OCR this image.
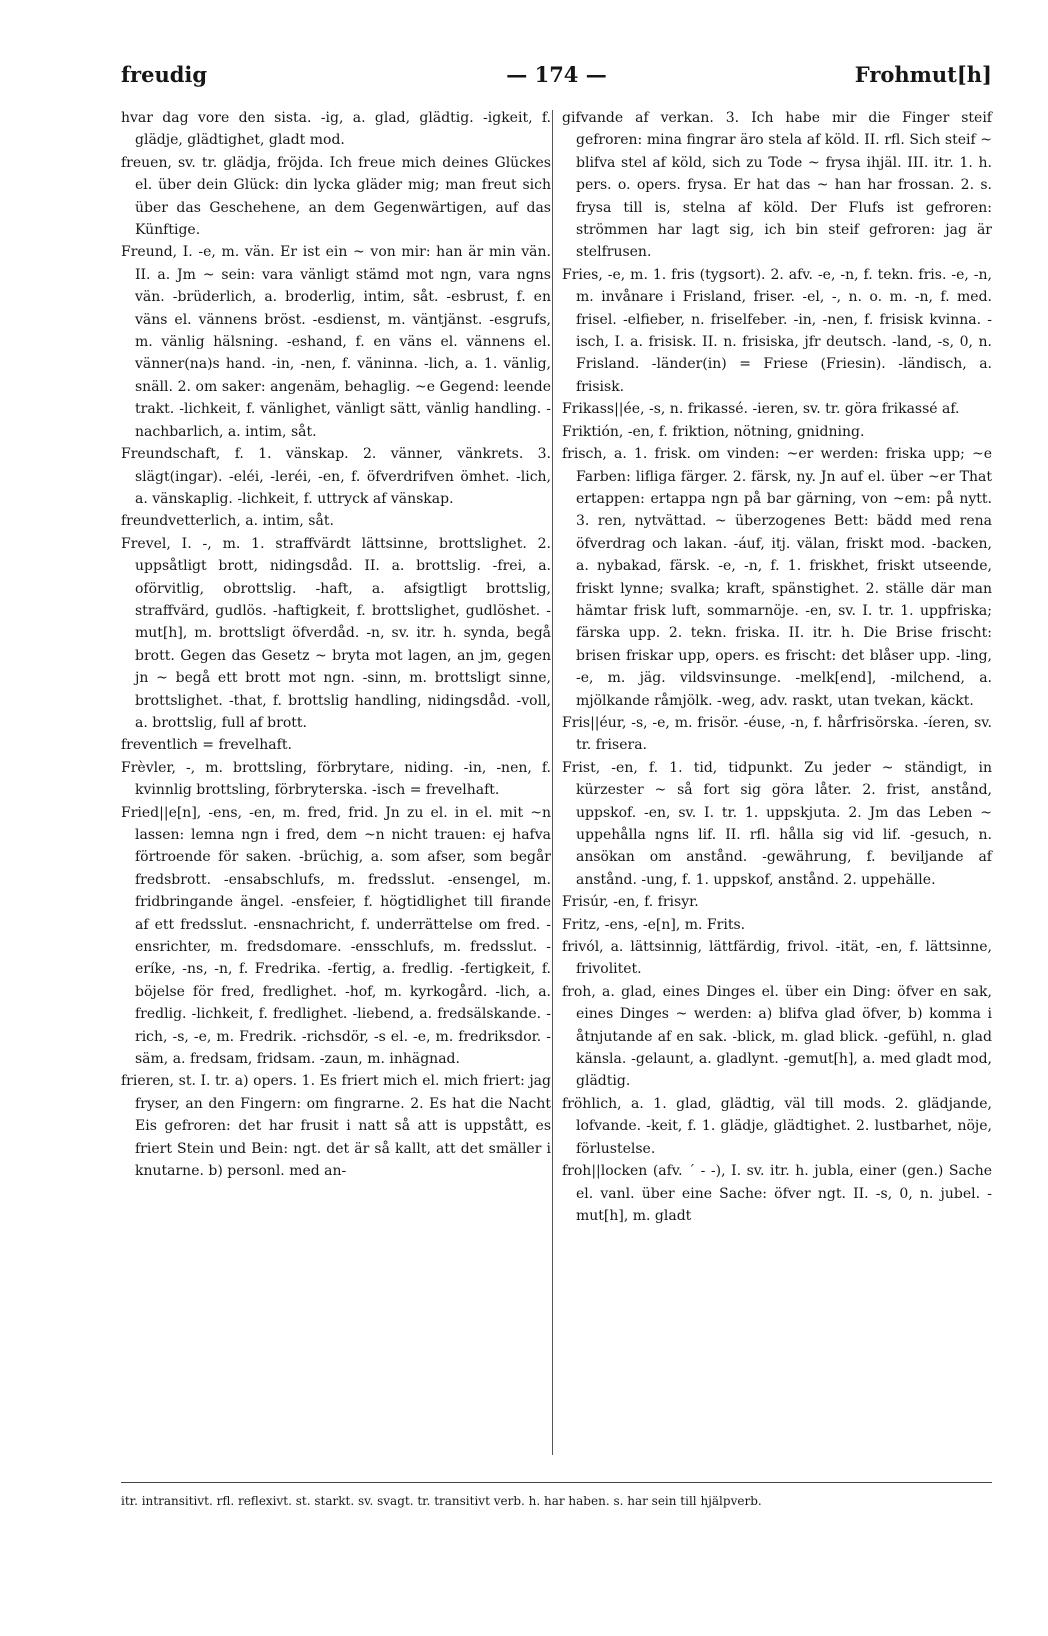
freudig	— 174 —	Frohmut[h]

hvar dag vore den sista. -ig, a. glad, glädtig. -igkeit, f. glädje, glädtighet, gladt mod.

freuen, sv. tr. glädja, fröjda. Ich freue mich deines Glückes el. über dein Glück: din lycka gläder mig; man freut sich über das Geschehene, an dem Gegenwärtigen, auf das Künftige.

Freund, I. -e, m. vän. Er ist ein ~ von mir: han är min vän. II. a. Jm ~ sein: vara vänligt stämd mot ngn, vara ngns vän. -brüderlich, a. broderlig, intim, såt. -esbrust, f. en väns el. vännens bröst. -esdienst, m. väntjänst. -esgrufs, m. vänlig hälsning. -eshand, f. en väns el. vännens el. vänner(na)s hand. -in, -nen, f. väninna. -lich, a. 1. vänlig, snäll. 2. om saker: angenäm, behaglig. ~e Gegend: leende trakt. -lichkeit, f. vänlighet, vänligt sätt, vänlig handling. -nachbarlich, a. intim, såt.

Freundschaft, f. 1. vänskap. 2. vänner, vänkrets. 3. slägt(ingar). -eléi, -leréi, -en, f. öfverdrifven ömhet. -lich, a. vänskaplig. -lichkeit, f. uttryck af vänskap.

freundvetterlich, a. intim, såt.

Frevel, I. -, m. 1. straffvärdt lättsinne, brottslighet. 2. uppsåtligt brott, nidingsdåd. II. a. brottslig. -frei, a. oförvitlig, obrottslig. -haft, a. afsigtligt brottslig, straffvärd, gudlös. -haftigkeit, f. brottslighet, gudlöshet. -mut[h], m. brottsligt öfverdåd. -n, sv. itr. h. synda, begå brott. Gegen das Gesetz ~ bryta mot lagen, an jm, gegen jn ~ begå ett brott mot ngn. -sinn, m. brottsligt sinne, brottslighet. -that, f. brottslig handling, nidingsdåd. -voll, a. brottslig, full af brott.

freventlich = frevelhaft.

Frèvler, -, m. brottsling, förbrytare, niding. -in, -nen, f. kvinnlig brottsling, förbryterska. -isch = frevelhaft.

Fried||e[n], -ens, -en, m. fred, frid. Jn zu el. in el. mit ~n lassen: lemna ngn i fred, dem ~n nicht trauen: ej hafva förtroende för saken. -brüchig, a. som afser, som begår fredsbrott. -ensabschlufs, m. fredsslut. -ensengel, m. fridbringande ängel. -ensfeier, f. högtidlighet till firande af ett fredsslut. -ensnachricht, f. underrättelse om fred. -ensrichter, m. fredsdomare. -ensschlufs, m. fredsslut. -eríke, -ns, -n, f. Fredrika. -fertig, a. fredlig. -fertigkeit, f. böjelse för fred, fredlighet. -hof, m. kyrkogård. -lich, a. fredlig. -lichkeit, f. fredlighet. -liebend, a. fredsälskande. -rich, -s, -e, m. Fredrik. -richsdör, -s el. -e, m. fredriksdor. -säm, a. fredsam, fridsam. -zaun, m. inhägnad.

frieren, st. I. tr. a) opers. 1. Es friert mich el. mich friert: jag fryser, an den Fingern: om fingrarne. 2. Es hat die Nacht Eis gefroren: det har frusit i natt så att is uppstått, es friert Stein und Bein: ngt. det är så kallt, att det smäller i knutarne. b) personl. med an-

gifvande af verkan. 3. Ich habe mir die Finger steif gefroren: mina fingrar äro stela af köld. II. rfl. Sich steif ~ blifva stel af köld, sich zu Tode ~ frysa ihjäl. III. itr. 1. h. pers. o. opers. frysa. Er hat das ~ han har frossan. 2. s. frysa till is, stelna af köld. Der Flufs ist gefroren: strömmen har lagt sig, ich bin steif gefroren: jag är stelfrusen.

Fries, -e, m. 1. fris (tygsort). 2. afv. -e, -n, f. tekn. fris. -e, -n, m. invånare i Frisland, friser. -el, -, n. o. m. -n, f. med. frisel. -elfieber, n. friselfeber. -in, -nen, f. frisisk kvinna. -isch, I. a. frisisk. II. n. frisiska, jfr deutsch. -land, -s, 0, n. Frisland. -länder(in) = Friese (Friesin). -ländisch, a. frisisk.

Frikass||ée, -s, n. frikassé. -ieren, sv. tr. göra frikassé af.

Friktión, -en, f. friktion, nötning, gnidning.

frisch, a. 1. frisk. om vinden: ~er werden: friska upp; ~e Farben: lifliga färger. 2. färsk, ny. Jn auf el. über ~er That ertappen: ertappa ngn på bar gärning, von ~em: på nytt. 3. ren, nytvättad. ~ überzogenes Bett: bädd med rena öfverdrag och lakan. -áuf, itj. välan, friskt mod. -backen, a. nybakad, färsk. -e, -n, f. 1. friskhet, friskt utseende, friskt lynne; svalka; kraft, spänstighet. 2. ställe där man hämtar frisk luft, sommarnöje. -en, sv. I. tr. 1. uppfriska; färska upp. 2. tekn. friska. II. itr. h. Die Brise frischt: brisen friskar upp, opers. es frischt: det blåser upp. -ling, -e, m. jäg. vildsvinsunge. -melk[end], -milchend, a. mjölkande råmjölk. -weg, adv. raskt, utan tvekan, käckt.

Fris||éur, -s, -e, m. frisör. -éuse, -n, f. hårfrisörska. -íeren, sv. tr. frisera.

Frist, -en, f. 1. tid, tidpunkt. Zu jeder ~ ständigt, in kürzester ~ så fort sig göra låter. 2. frist, anstånd, uppskof. -en, sv. I. tr. 1. uppskjuta. 2. Jm das Leben ~ uppehålla ngns lif. II. rfl. hålla sig vid lif. -gesuch, n. ansökan om anstånd. -gewährung, f. beviljande af anstånd. -ung, f. 1. uppskof, anstånd. 2. uppehälle.

Frisúr, -en, f. frisyr.

Fritz, -ens, -e[n], m. Frits.

frivól, a. lättsinnig, lättfärdig, frivol. -ität, -en, f. lättsinne, frivolitet.

froh, a. glad, eines Dinges el. über ein Ding: öfver en sak, eines Dinges ~ werden: a) blifva glad öfver, b) komma i åtnjutande af en sak. -blick, m. glad blick. -gefühl, n. glad känsla. -gelaunt, a. gladlynt. -gemut[h], a. med gladt mod, glädtig.

fröhlich, a. 1. glad, glädtig, väl till mods. 2. glädjande, lofvande. -keit, f. 1. glädje, glädtighet. 2. lustbarhet, nöje, förlustelse.

froh||locken (afv. ´ - -), I. sv. itr. h. jubla, einer (gen.) Sache el. vanl. über eine Sache: öfver ngt. II. -s, 0, n. jubel. -mut[h], m. gladt

itr. intransitivt. rfl. reflexivt. st. starkt. sv. svagt. tr. transitivt verb. h. har haben. s. har sein till hjälpverb.
